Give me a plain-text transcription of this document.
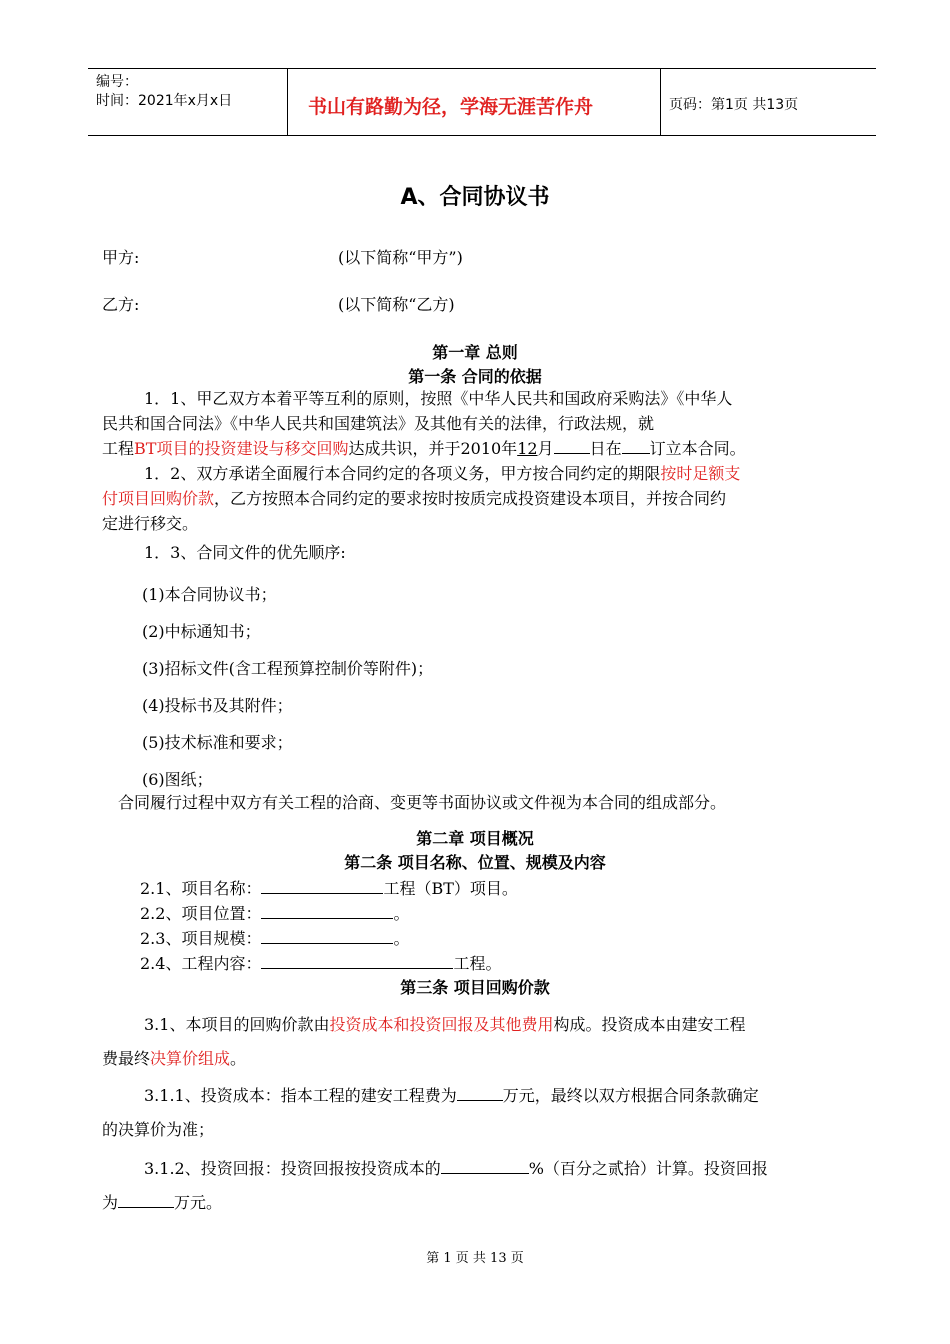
编号：
时间：2021年x月x日	书山有路勤为径，学海无涯苦作舟	页码：第1页 共13页
A、合同协议书
甲方:	(以下简称“甲方”)
乙方:	(以下简称“乙方)
第一章 总则
第一条 合同的依据
1．1、甲乙双方本着平等互利的原则，按照《中华人民共和国政府采购法》《中华人
民共和国合同法》《中华人民共和国建筑法》及其他有关的法律，行政法规，就
工程BT项目的投资建设与移交回购达成共识，并于2010年12月 日在 订立本合同。
1．2、双方承诺全面履行本合同约定的各项义务，甲方按合同约定的期限按时足额支
付项目回购价款，乙方按照本合同约定的要求按时按质完成投资建设本项目，并按合同约
定进行移交。
1．3、合同文件的优先顺序:
(1)本合同协议书；
(2)中标通知书；
(3)招标文件(含工程预算控制价等附件)；
(4)投标书及其附件；
(5)技术标准和要求；
(6)图纸；
合同履行过程中双方有关工程的洽商、变更等书面协议或文件视为本合同的组成部分。
第二章 项目概况
第二条 项目名称、位置、规模及内容
2.1、项目名称：	工程（BT）项目。
2.2、项目位置：	。
2.3、项目规模：	。
2.4、工程内容：	工程。
第三条 项目回购价款
3.1、本项目的回购价款由投资成本和投资回报及其他费用构成。投资成本由建安工程
费最终决算价组成。
3.1.1、投资成本：指本工程的建安工程费为	万元，最终以双方根据合同条款确定
的决算价为准；
3.1.2、投资回报：投资回报按投资成本的	%（百分之贰拾）计算。投资回报
为	万元。
第 1 页 共 13 页
